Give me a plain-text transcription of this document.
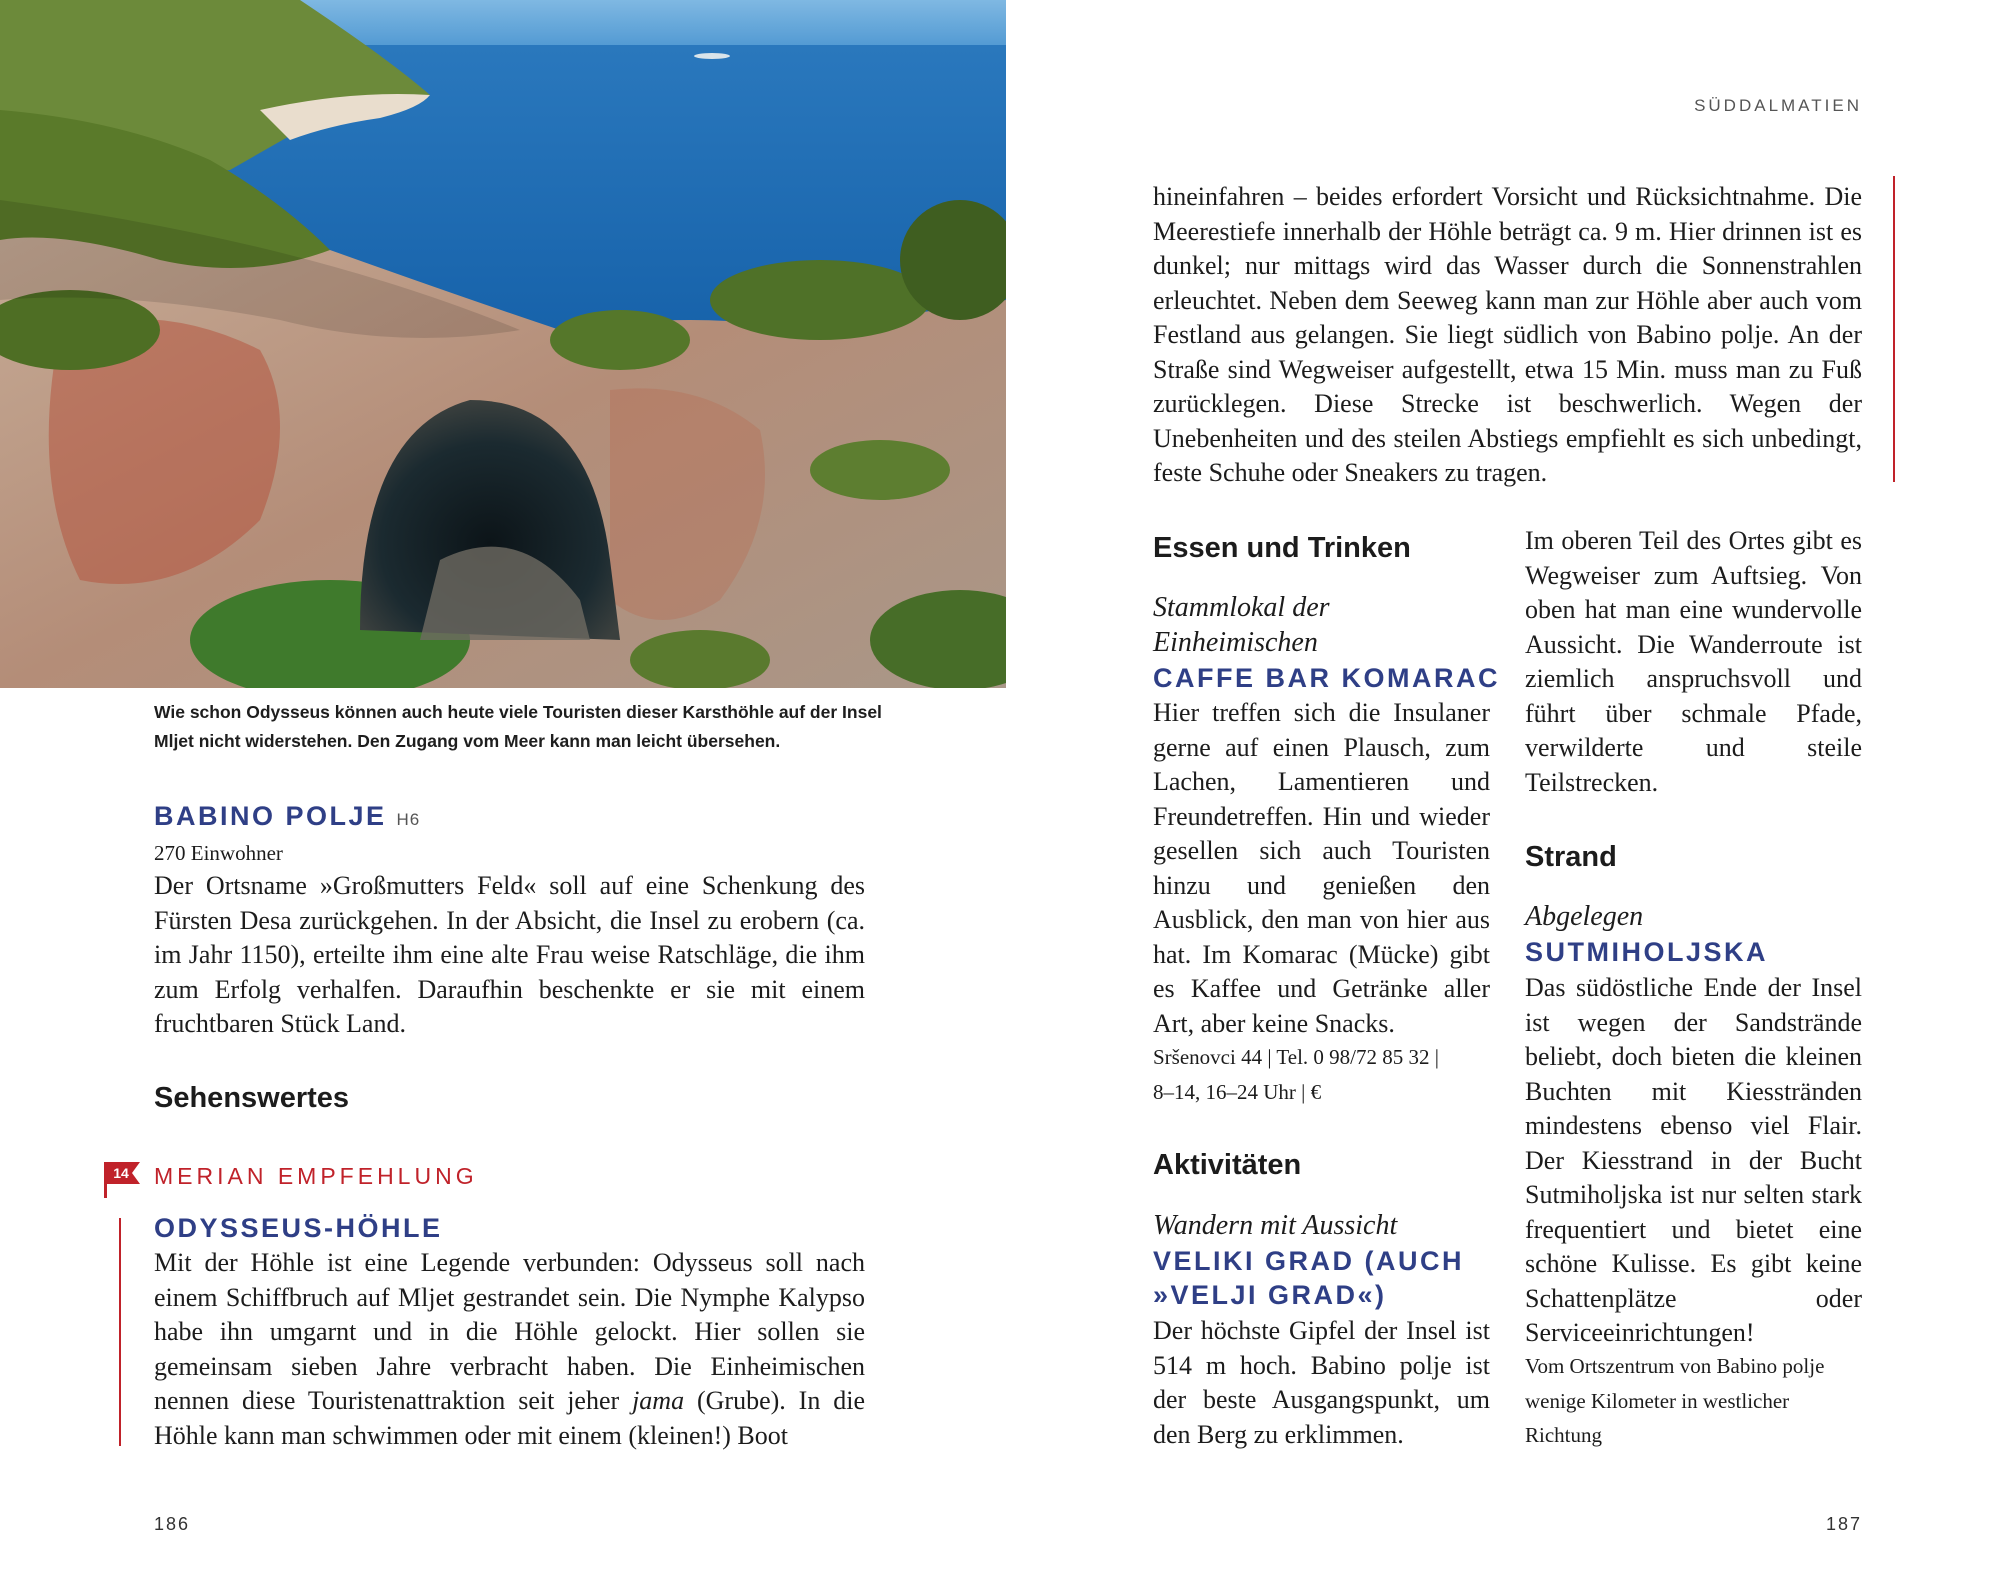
Wie schon Odysseus können auch heute viele Touristen dieser Karsthöhle auf der Insel Mljet nicht widerstehen. Den Zugang vom Meer kann man leicht übersehen.
BABINO POLJE H6
270 Einwohner
Der Ortsname »Großmutters Feld« soll auf eine Schenkung des Fürsten Desa zurückgehen. In der Absicht, die Insel zu erobern (ca. im Jahr 1150), erteilte ihm eine alte Frau weise Ratschläge, die ihm zum Erfolg verhalfen. Daraufhin beschenkte er sie mit einem fruchtbaren Stück Land.
Sehenswertes
14 MERIAN EMPFEHLUNG
ODYSSEUS-HÖHLE
Mit der Höhle ist eine Legende verbunden: Odysseus soll nach einem Schiffbruch auf Mljet gestrandet sein. Die Nymphe Kalypso habe ihn umgarnt und in die Höhle gelockt. Hier sollen sie gemeinsam sieben Jahre verbracht haben. Die Einheimischen nennen diese Touristenattraktion seit jeher jama (Grube). In die Höhle kann man schwimmen oder mit einem (kleinen!) Boot
186
SÜDDALMATIEN
hineinfahren – beides erfordert Vorsicht und Rücksichtnahme. Die Meerestiefe innerhalb der Höhle beträgt ca. 9 m. Hier drinnen ist es dunkel; nur mittags wird das Wasser durch die Sonnenstrahlen erleuchtet. Neben dem Seeweg kann man zur Höhle aber auch vom Festland aus gelangen. Sie liegt südlich von Babino polje. An der Straße sind Wegweiser aufgestellt, etwa 15 Min. muss man zu Fuß zurücklegen. Diese Strecke ist beschwerlich. Wegen der Unebenheiten und des steilen Abstiegs empfiehlt es sich unbedingt, feste Schuhe oder Sneakers zu tragen.
Essen und Trinken
Stammlokal der Einheimischen
CAFFE BAR KOMARAC
Hier treffen sich die Insulaner gerne auf einen Plausch, zum Lachen, Lamentieren und Freundetreffen. Hin und wieder gesellen sich auch Touristen hinzu und genießen den Ausblick, den man von hier aus hat. Im Komarac (Mücke) gibt es Kaffee und Getränke aller Art, aber keine Snacks.
Sršenovci 44 | Tel. 0 98/72 85 32 |
8–14, 16–24 Uhr | €
Aktivitäten
Wandern mit Aussicht
VELIKI GRAD (AUCH
»VELJI GRAD«)
Der höchste Gipfel der Insel ist 514 m hoch. Babino polje ist der beste Ausgangspunkt, um den Berg zu erklimmen.
Im oberen Teil des Ortes gibt es Wegweiser zum Auftsieg. Von oben hat man eine wundervolle Aussicht. Die Wanderroute ist ziemlich anspruchsvoll und führt über schmale Pfade, verwilderte und steile Teilstrecken.
Strand
Abgelegen
SUTMIHOLJSKA
Das südöstliche Ende der Insel ist wegen der Sandstrände beliebt, doch bieten die kleinen Buchten mit Kiesstränden mindestens ebenso viel Flair. Der Kiesstrand in der Bucht Sutmiholjska ist nur selten stark frequentiert und bietet eine schöne Kulisse. Es gibt keine Schattenplätze oder Serviceeinrichtungen!
Vom Ortszentrum von Babino polje wenige Kilometer in westlicher Richtung
187
